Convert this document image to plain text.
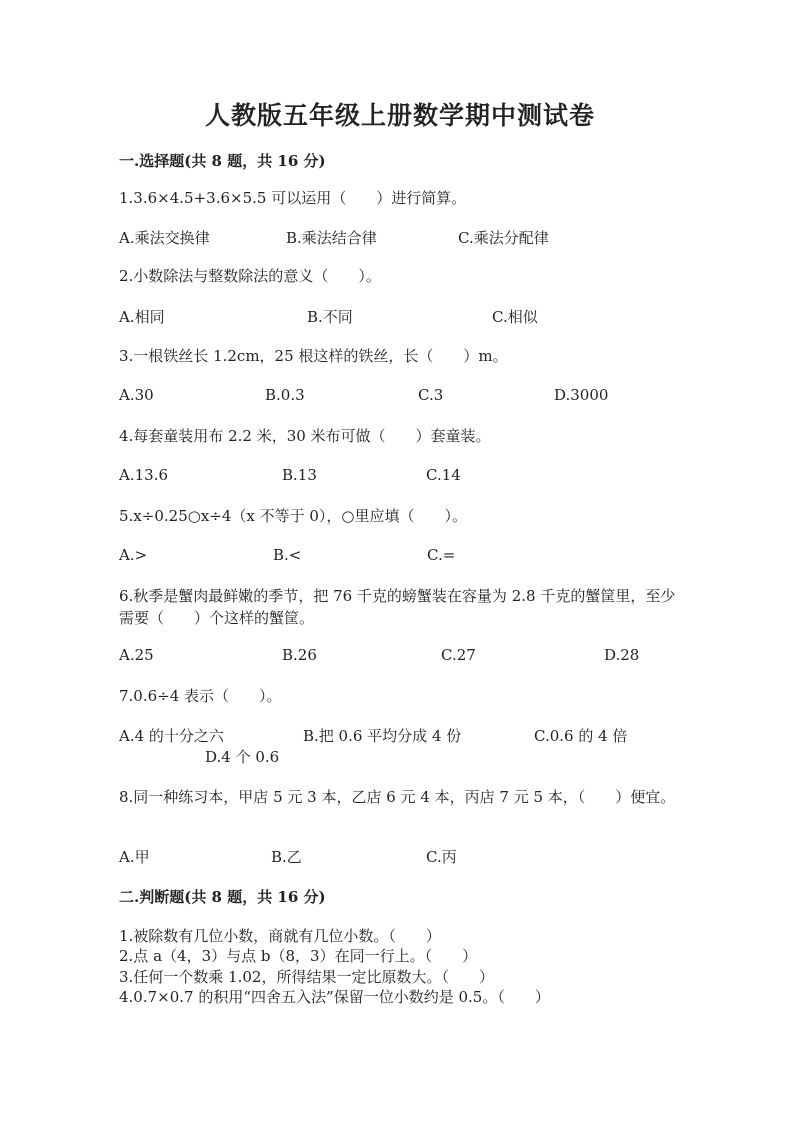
人教版五年级上册数学期中测试卷
一.选择题(共 8 题，共 16 分)
1.3.6×4.5+3.6×5.5 可以运用（　　）进行简算。
A.乘法交换律	B.乘法结合律	C.乘法分配律
2.小数除法与整数除法的意义（　　）。
A.相同	B.不同	C.相似
3.一根铁丝长 1.2cm，25 根这样的铁丝，长（　　）m。
A.30	B.0.3	C.3	D.3000
4.每套童装用布 2.2 米，30 米布可做（　　）套童装。
A.13.6	B.13	C.14
5.x÷0.25○x÷4（x 不等于 0），○里应填（　　）。
A.>	B.<	C.=
6.秋季是蟹肉最鲜嫩的季节，把 76 千克的螃蟹装在容量为 2.8 千克的蟹筐里，至少需要（　　）个这样的蟹筐。
A.25	B.26	C.27	D.28
7.0.6÷4 表示（　　）。
A.4 的十分之六	B.把 0.6 平均分成 4 份	C.0.6 的 4 倍
D.4 个 0.6
8.同一种练习本，甲店 5 元 3 本，乙店 6 元 4 本，丙店 7 元 5 本，（　　）便宜。
A.甲	B.乙	C.丙
二.判断题(共 8 题，共 16 分)
1.被除数有几位小数，商就有几位小数。（　　）
2.点 a（4，3）与点 b（8，3）在同一行上。（　　）
3.任何一个数乘 1.02，所得结果一定比原数大。（　　）
4.0.7×0.7 的积用“四舍五入法”保留一位小数约是 0.5。（　　）
